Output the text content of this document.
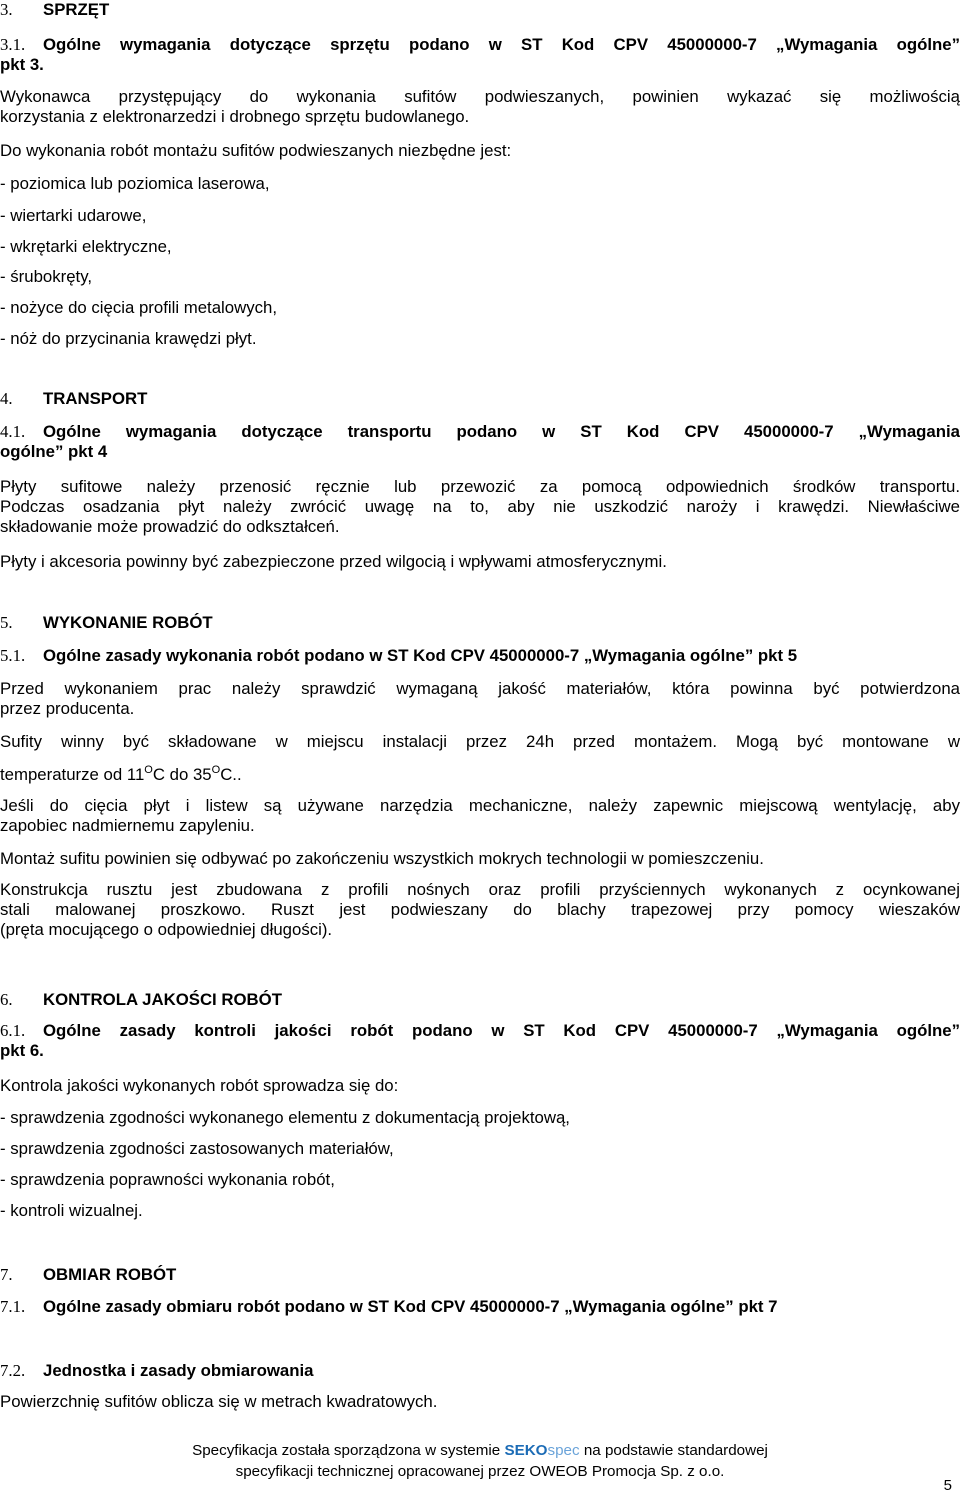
3. SPRZĘT
3.1. Ogólne wymagania dotyczące sprzętu podano w ST Kod CPV 45000000-7 „Wymagania ogólne”
pkt 3.
Wykonawca przystępujący do wykonania sufitów podwieszanych, powinien wykazać się możliwością
korzystania z elektronarzedzi i drobnego sprzętu budowlanego.
Do wykonania robót montażu sufitów podwieszanych niezbędne jest:
- poziomica lub poziomica laserowa,
- wiertarki udarowe,
- wkrętarki elektryczne,
- śrubokręty,
- nożyce do cięcia profili metalowych,
- nóż do przycinania krawędzi płyt.
4. TRANSPORT
4.1. Ogólne wymagania dotyczące transportu podano w ST Kod CPV 45000000-7 „Wymagania
ogólne” pkt 4
Płyty sufitowe należy przenosić ręcznie lub przewozić za pomocą odpowiednich środków transportu.
Podczas osadzania płyt należy zwrócić uwagę na to, aby nie uszkodzić naroży i krawędzi. Niewłaściwe
składowanie może prowadzić do odkształceń.
Płyty i akcesoria powinny być zabezpieczone przed wilgocią i wpływami atmosferycznymi.
5. WYKONANIE ROBÓT
5.1. Ogólne zasady wykonania robót podano w ST Kod CPV 45000000-7 „Wymagania ogólne” pkt 5
Przed wykonaniem prac należy sprawdzić wymaganą jakość materiałów, która powinna być potwierdzona
przez producenta.
Sufity winny być składowane w miejscu instalacji przez 24h przed montażem. Mogą być montowane w
temperaturze od $11^OC$ do $35^OC$..
Jeśli do cięcia płyt i listew są używane narzędzia mechaniczne, należy zapewnic miejscową wentylację, aby
zapobiec nadmiernemu zapyleniu.
Montaż sufitu powinien się odbywać po zakończeniu wszystkich mokrych technologii w pomieszczeniu.
Konstrukcja rusztu jest zbudowana z profili nośnych oraz profili przyściennych wykonanych z ocynkowanej
stali malowanej proszkowo. Ruszt jest podwieszany do blachy trapezowej przy pomocy wieszaków
(pręta mocującego o odpowiedniej długości).
6. KONTROLA JAKOŚCI ROBÓT
6.1. Ogólne zasady kontroli jakości robót podano w ST Kod CPV 45000000-7 „Wymagania ogólne”
pkt 6.
Kontrola jakości wykonanych robót sprowadza się do:
- sprawdzenia zgodności wykonanego elementu z dokumentacją projektową,
- sprawdzenia zgodności zastosowanych materiałów,
- sprawdzenia poprawności wykonania robót,
- kontroli wizualnej.
7. OBMIAR ROBÓT
7.1. Ogólne zasady obmiaru robót podano w ST Kod CPV 45000000-7 „Wymagania ogólne” pkt 7
7.2. Jednostka i zasady obmiarowania
Powierzchnię sufitów oblicza się w metrach kwadratowych.
Specyfikacja została sporządzona w systemie SEKOspec na podstawie standardowej
specyfikacji technicznej opracowanej przez OWEOB Promocja Sp. z o.o.
5
